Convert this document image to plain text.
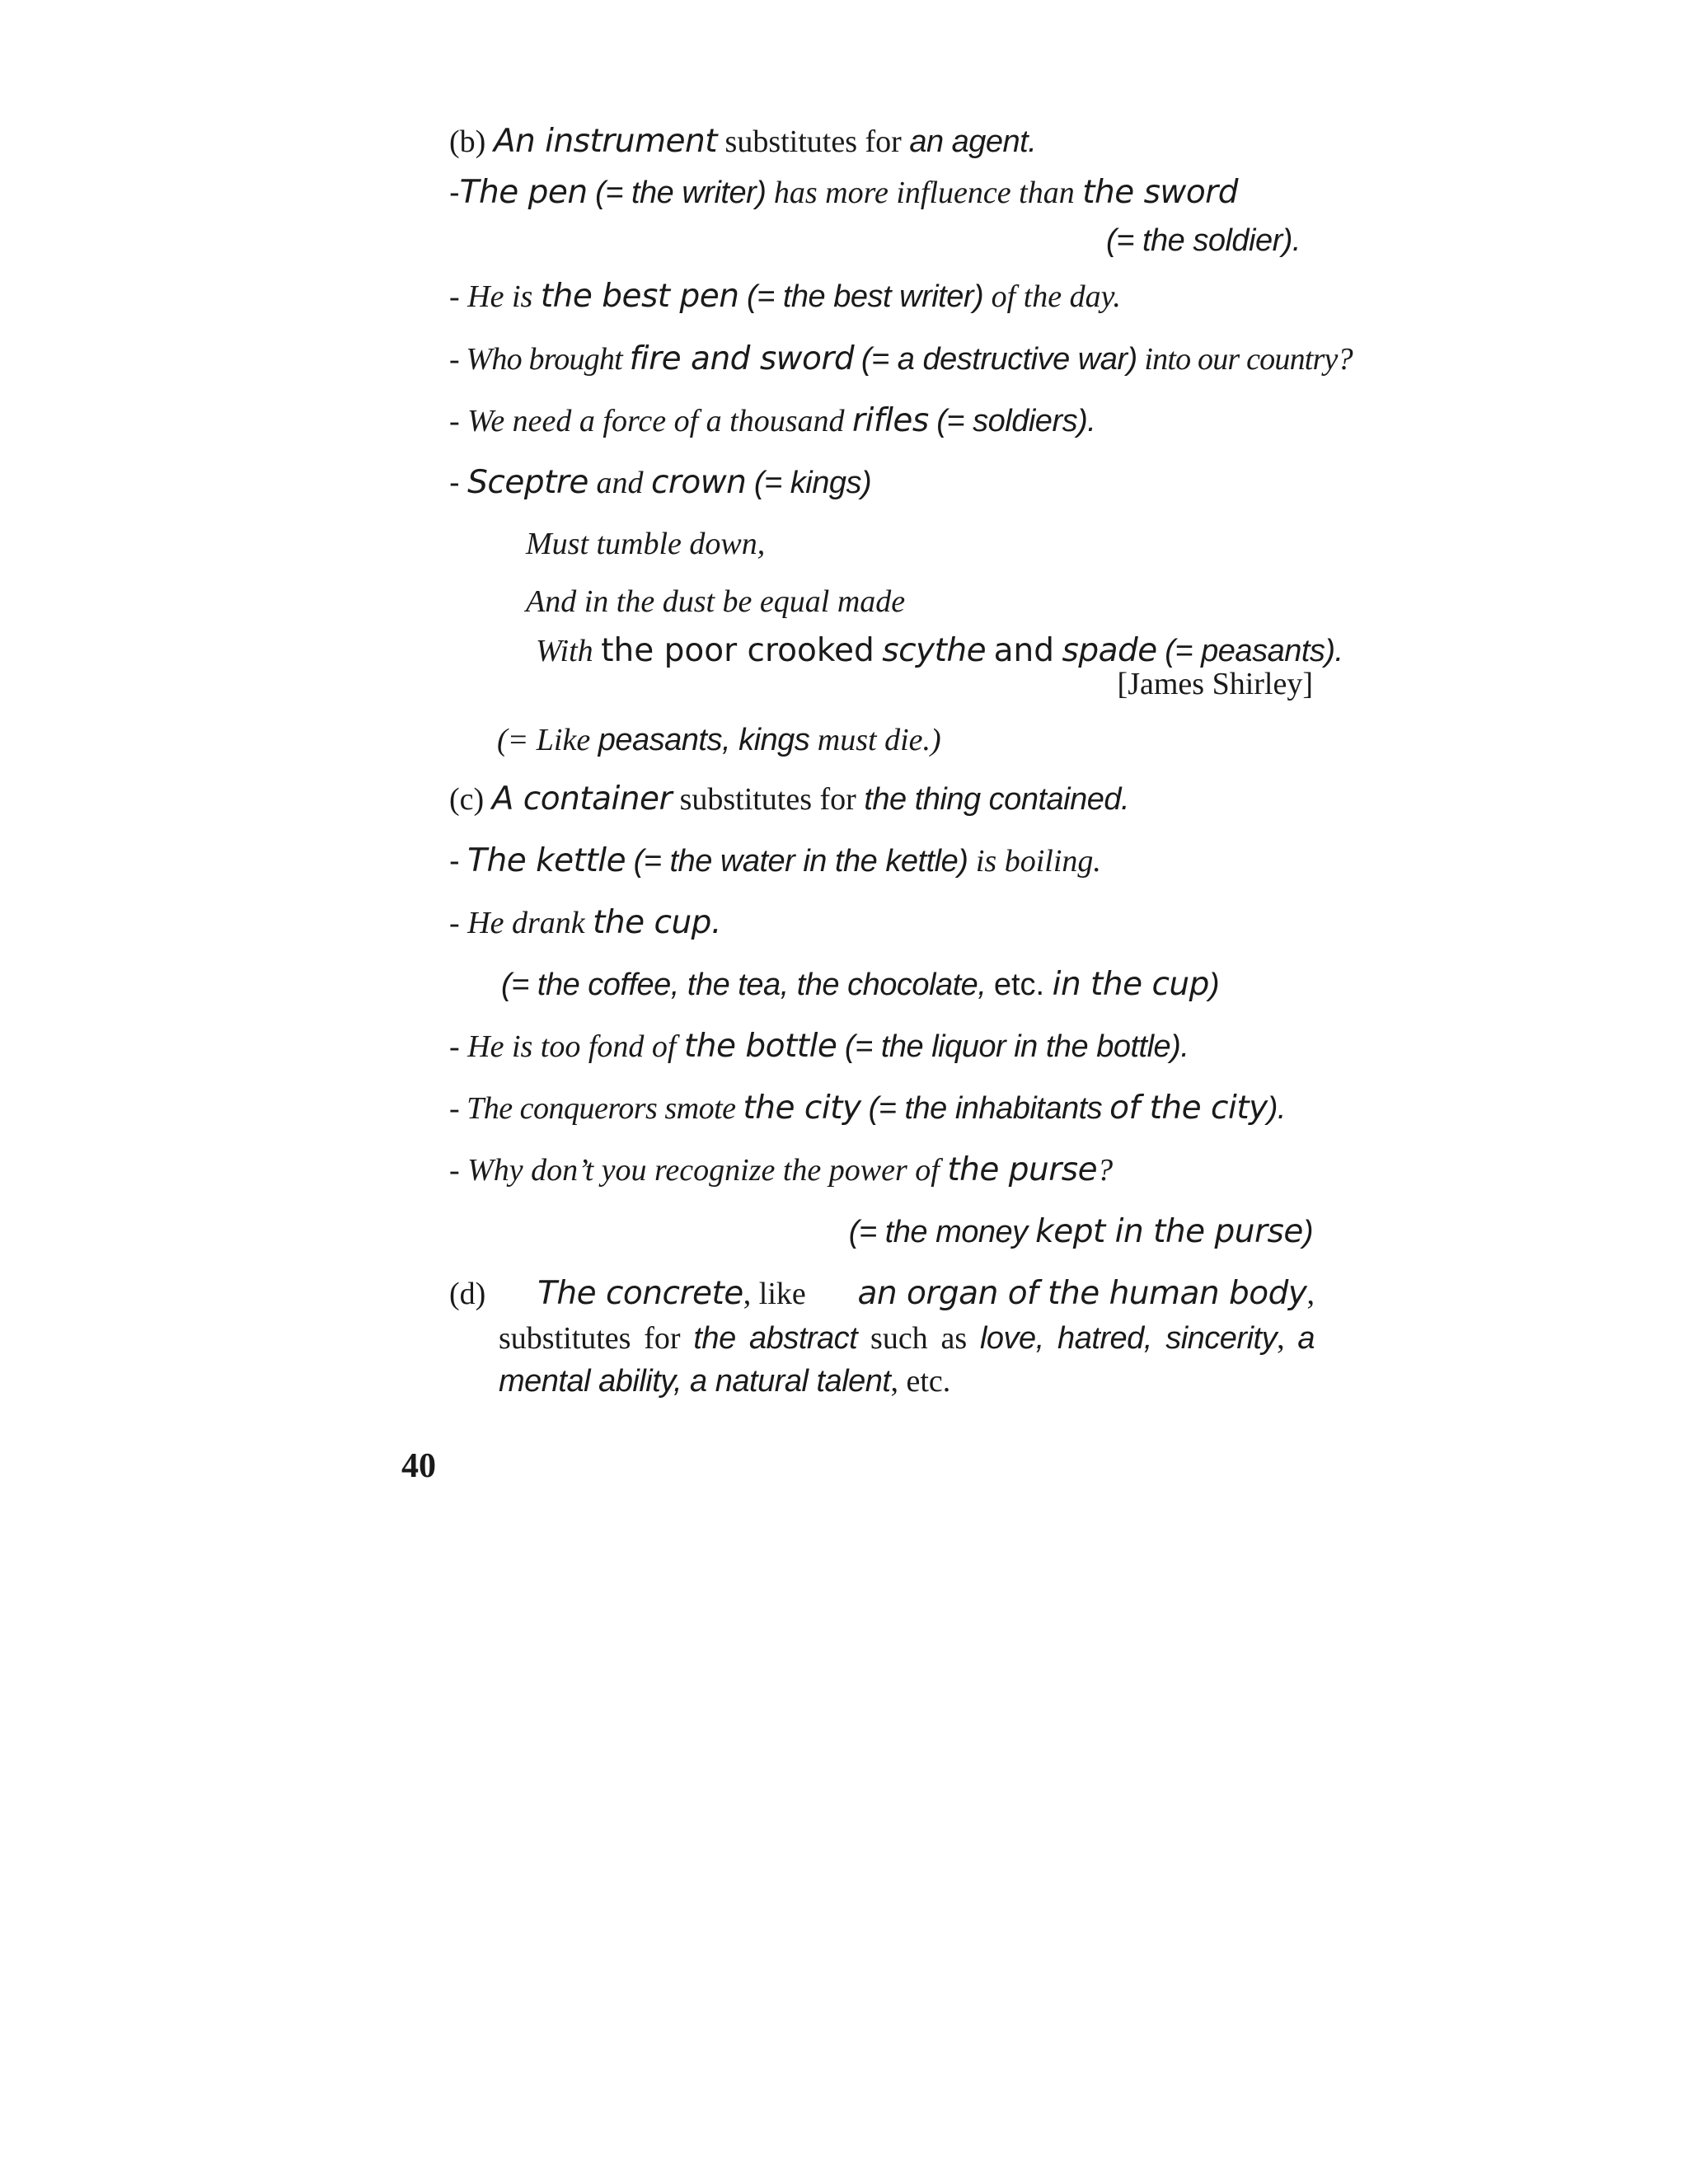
(b) An instrument substitutes for an agent.
-The pen (= the writer) has more influence than the sword
(= the soldier).
- He is the best pen (= the best writer) of the day.
- Who brought fire and sword (= a destructive war) into our country?
- We need a force of a thousand rifles (= soldiers).
- Sceptre and crown (= kings)
Must tumble down,
And in the dust be equal made
With the poor crooked scythe and spade (= peasants).
[James Shirley]
(= Like peasants, kings must die.)
(c) A container substitutes for the thing contained.
- The kettle (= the water in the kettle) is boiling.
- He drank the cup.
(= the coffee, the tea, the chocolate, etc. in the cup)
- He is too fond of the bottle (= the liquor in the bottle).
- The conquerors smote the city (= the inhabitants of the city).
- Why don’t you recognize the power of the purse?
(= the money kept in the purse)
(d) The concrete, like an organ of the human body,
substitutes for the abstract such as love, hatred, sincerity, a mental ability, a natural talent, etc.
40
